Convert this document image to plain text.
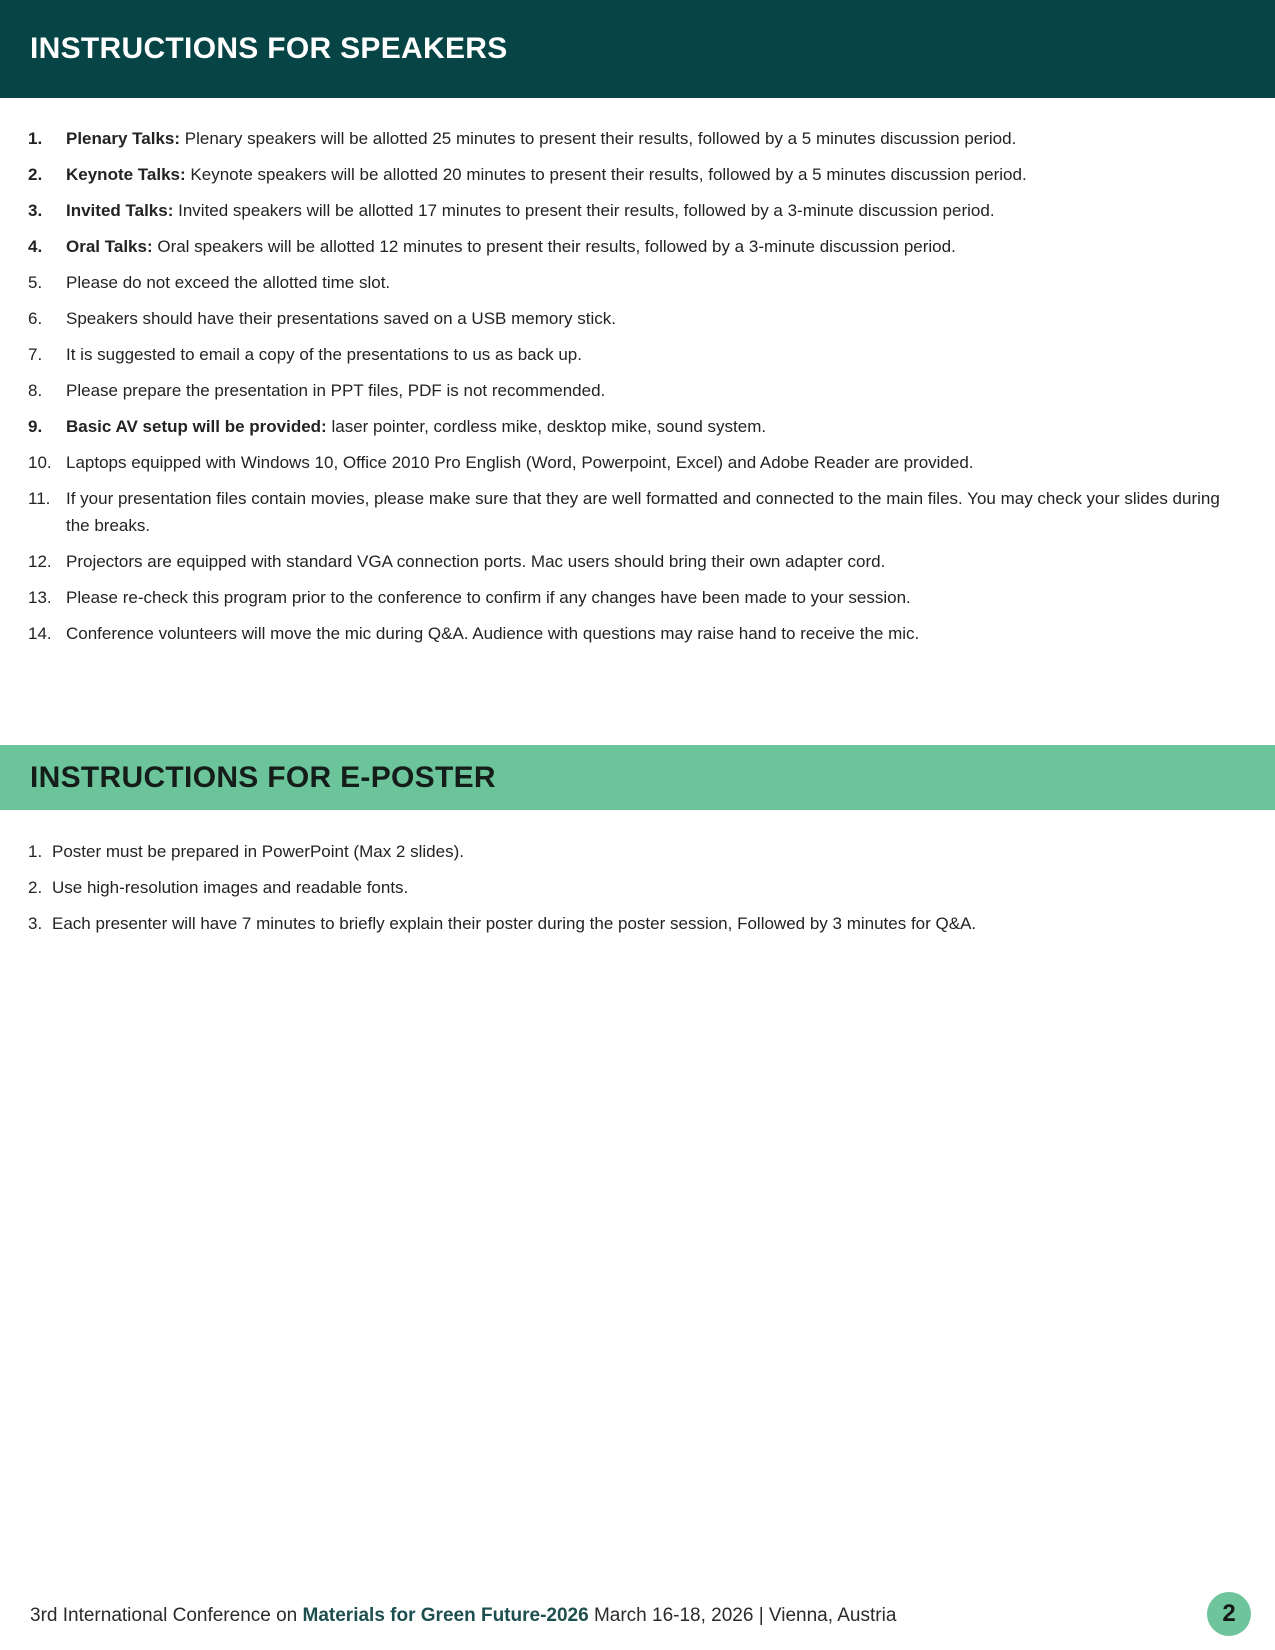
INSTRUCTIONS FOR SPEAKERS
1.	Plenary Talks: Plenary speakers will be allotted 25 minutes to present their results, followed by a 5 minutes discussion period.
2.	Keynote Talks: Keynote speakers will be allotted 20 minutes to present their results, followed by a 5 minutes discussion period.
3.	Invited Talks: Invited speakers will be allotted 17 minutes to present their results, followed by a 3-minute discussion period.
4.	Oral Talks: Oral speakers will be allotted 12 minutes to present their results, followed by a 3-minute discussion period.
5.	Please do not exceed the allotted time slot.
6.	Speakers should have their presentations saved on a USB memory stick.
7.	It is suggested to email a copy of the presentations to us as back up.
8.	Please prepare the presentation in PPT files, PDF is not recommended.
9.	Basic AV setup will be provided: laser pointer, cordless mike, desktop mike, sound system.
10. Laptops equipped with Windows 10, Office 2010 Pro English (Word, Powerpoint, Excel) and Adobe Reader are provided.
11. If your presentation files contain movies, please make sure that they are well formatted and connected to the main files. You may check your slides during the breaks.
12. Projectors are equipped with standard VGA connection ports. Mac users should bring their own adapter cord.
13. Please re-check this program prior to the conference to confirm if any changes have been made to your session.
14. Conference volunteers will move the mic during Q&A. Audience with questions may raise hand to receive the mic.
INSTRUCTIONS FOR E-POSTER
1. Poster must be prepared in PowerPoint (Max 2 slides).
2. Use high-resolution images and readable fonts.
3. Each presenter will have 7 minutes to briefly explain their poster during the poster session, Followed by 3 minutes for Q&A.
3rd International Conference on Materials for Green Future-2026 March 16-18, 2026 | Vienna, Austria	2
